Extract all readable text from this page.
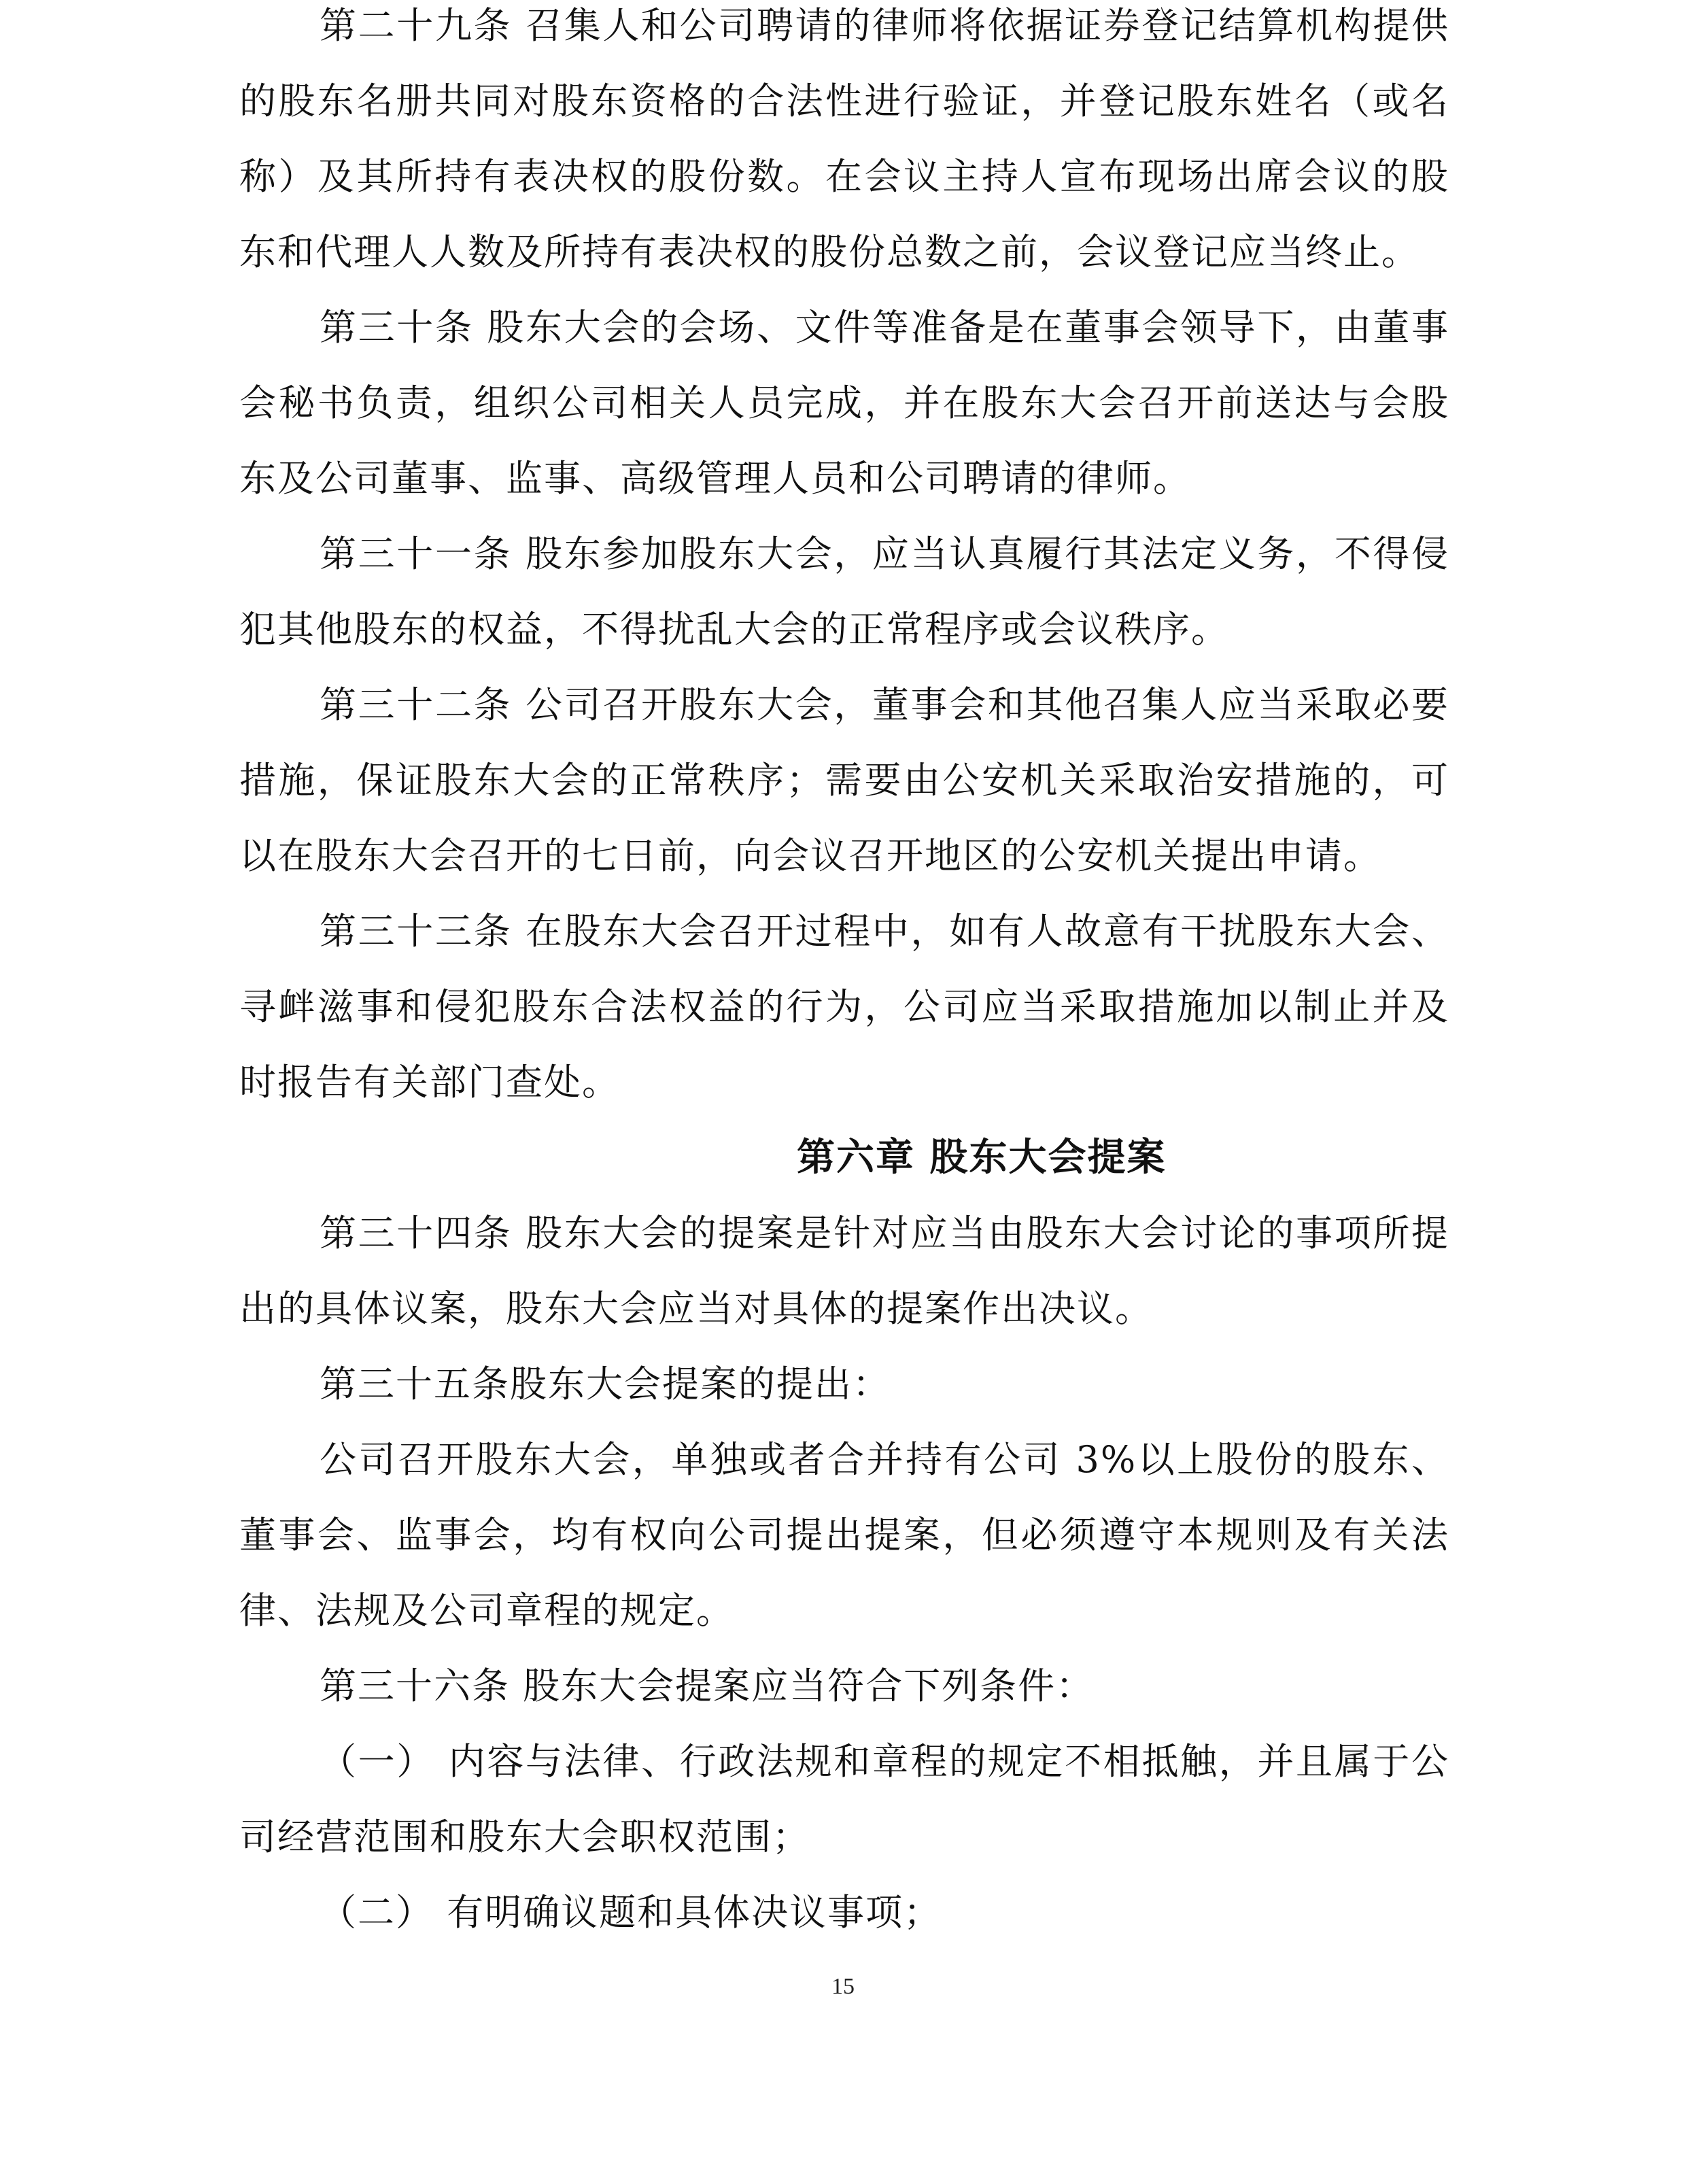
第二十九条 召集人和公司聘请的律师将依据证券登记结算机构提供的股东名册共同对股东资格的合法性进行验证，并登记股东姓名（或名称）及其所持有表决权的股份数。在会议主持人宣布现场出席会议的股东和代理人人数及所持有表决权的股份总数之前，会议登记应当终止。

第三十条 股东大会的会场、文件等准备是在董事会领导下，由董事会秘书负责，组织公司相关人员完成，并在股东大会召开前送达与会股东及公司董事、监事、高级管理人员和公司聘请的律师。

第三十一条 股东参加股东大会，应当认真履行其法定义务，不得侵犯其他股东的权益，不得扰乱大会的正常程序或会议秩序。

第三十二条 公司召开股东大会，董事会和其他召集人应当采取必要措施，保证股东大会的正常秩序；需要由公安机关采取治安措施的，可以在股东大会召开的七日前，向会议召开地区的公安机关提出申请。

第三十三条 在股东大会召开过程中，如有人故意有干扰股东大会、寻衅滋事和侵犯股东合法权益的行为，公司应当采取措施加以制止并及时报告有关部门查处。

第六章 股东大会提案

第三十四条 股东大会的提案是针对应当由股东大会讨论的事项所提出的具体议案，股东大会应当对具体的提案作出决议。

第三十五条股东大会提案的提出：

公司召开股东大会，单独或者合并持有公司 3%以上股份的股东、董事会、监事会，均有权向公司提出提案，但必须遵守本规则及有关法律、法规及公司章程的规定。

第三十六条 股东大会提案应当符合下列条件：

（一） 内容与法律、行政法规和章程的规定不相抵触，并且属于公司经营范围和股东大会职权范围；

（二） 有明确议题和具体决议事项；

15
